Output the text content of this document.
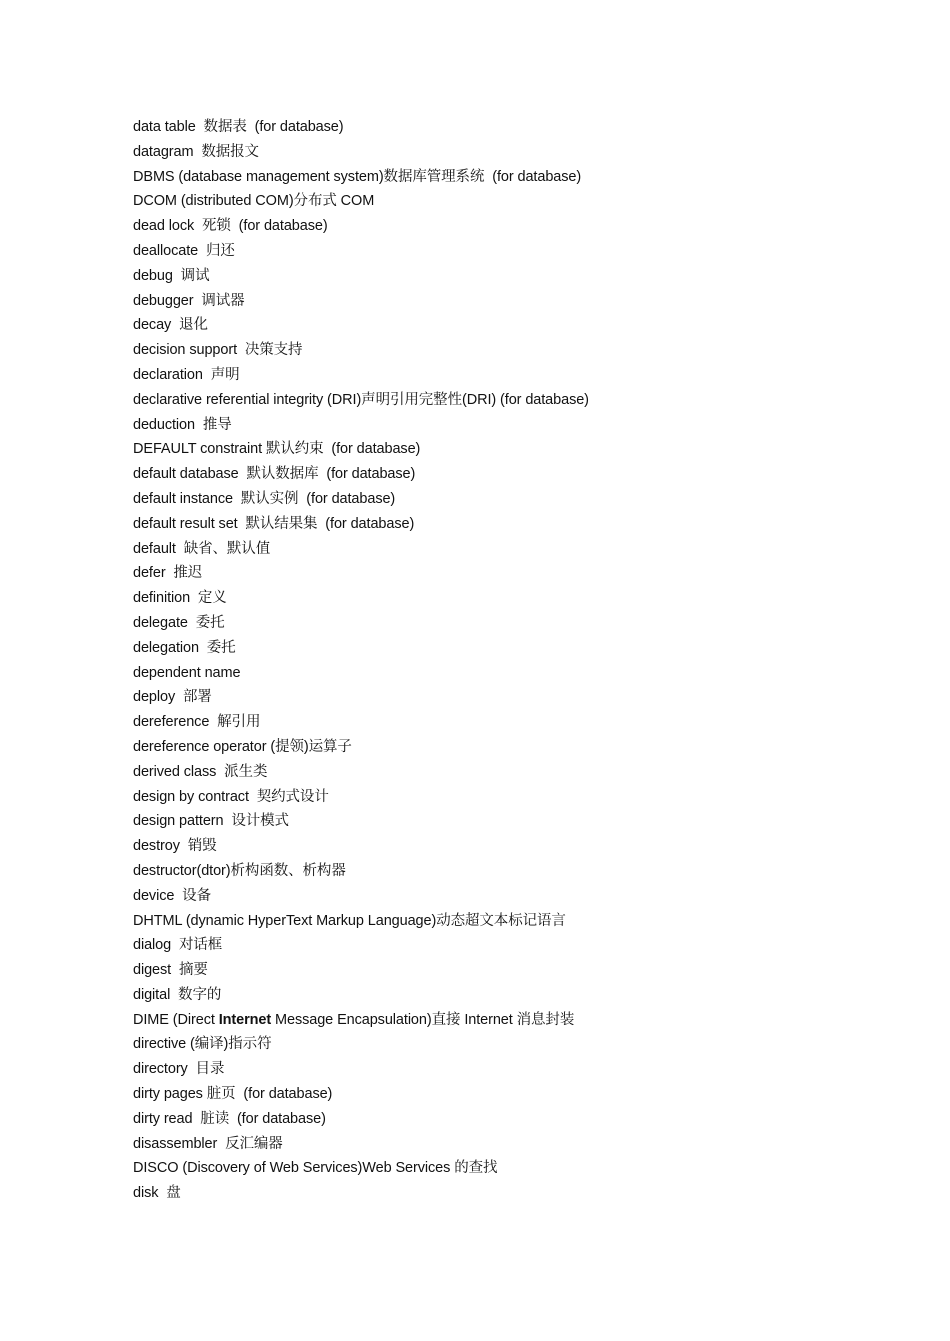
data table  数据表  (for database)
datagram  数据报文
DBMS (database management system)数据库管理系统  (for database)
DCOM (distributed COM)分布式 COM
dead lock  死锁  (for database)
deallocate  归还
debug  调试
debugger  调试器
decay  退化
decision support  决策支持
declaration  声明
declarative referential integrity (DRI)声明引用完整性(DRI) (for database)
deduction  推导
DEFAULT constraint 默认约束  (for database)
default database  默认数据库  (for database)
default instance  默认实例  (for database)
default result set  默认结果集  (for database)
default  缺省、默认值
defer  推迟
definition  定义
delegate  委托
delegation  委托
dependent name
deploy  部署
dereference  解引用
dereference operator (提领)运算子
derived class  派生类
design by contract  契约式设计
design pattern  设计模式
destroy  销毁
destructor(dtor)析构函数、析构器
device  设备
DHTML (dynamic HyperText Markup Language)动态超文本标记语言
dialog  对话框
digest  摘要
digital  数字的
DIME (Direct Internet Message Encapsulation)直接 Internet 消息封装
directive (编译)指示符
directory  目录
dirty pages 脏页  (for database)
dirty read  脏读  (for database)
disassembler  反汇编器
DISCO (Discovery of Web Services)Web Services 的查找
disk  盘
